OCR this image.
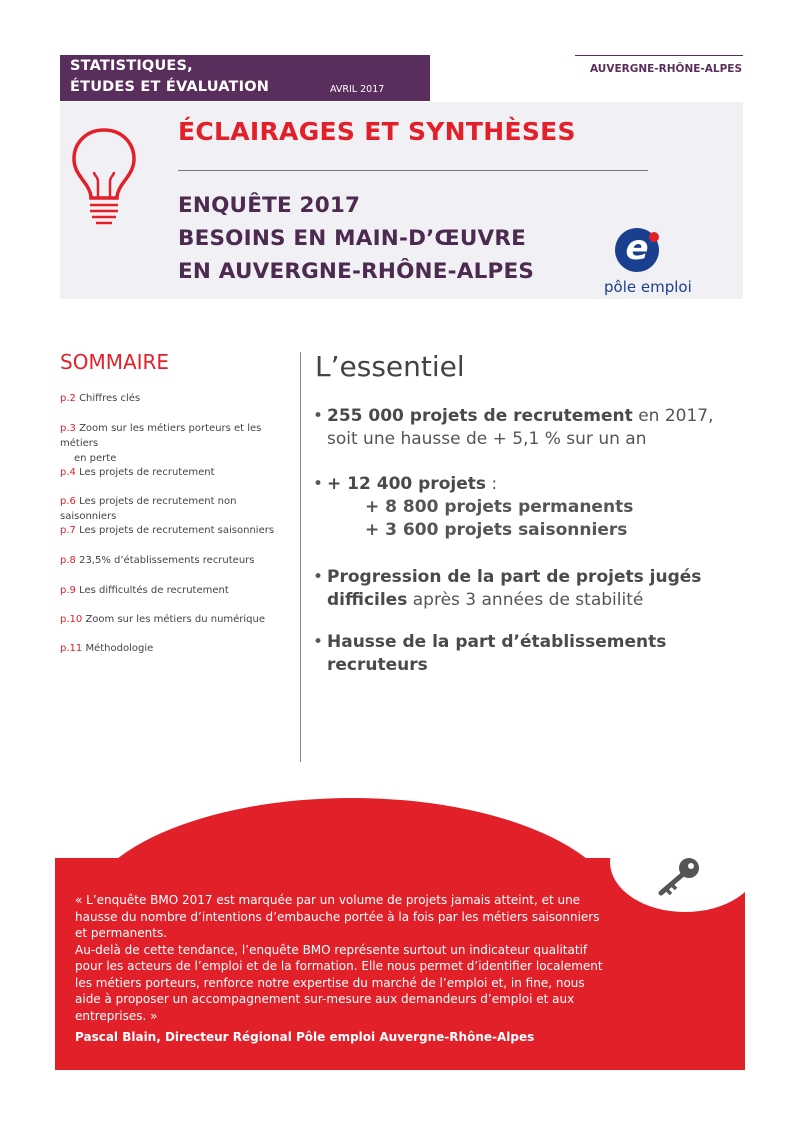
STATISTIQUES,
ÉTUDES ET ÉVALUATION	AVRIL 2017
AUVERGNE-RHÔNE-ALPES
ÉCLAIRAGES ET SYNTHÈSES
ENQUÊTE 2017
BESOINS EN MAIN-D’ŒUVRE
EN AUVERGNE-RHÔNE-ALPES
e
pôle emploi
SOMMAIRE
p.2 Chiffres clés
p.3 Zoom sur les métiers porteurs et les métiers
en perte
p.4 Les projets de recrutement
p.6 Les projets de recrutement non saisonniers
p.7 Les projets de recrutement saisonniers
p.8 23,5% d’établissements recruteurs
p.9 Les difficultés de recrutement
p.10 Zoom sur les métiers du numérique
p.11 Méthodologie
L’essentiel
• 255 000 projets de recrutement en 2017,
soit une hausse de + 5,1 % sur un an
• + 12 400 projets :
+ 8 800 projets permanents
+ 3 600 projets saisonniers
• Progression de la part de projets jugés
difficiles après 3 années de stabilité
• Hausse de la part d’établissements
recruteurs
« L’enquête BMO 2017 est marquée par un volume de projets jamais atteint, et une hausse du nombre d’intentions d’embauche portée à la fois par les métiers saisonniers et permanents.
Au-delà de cette tendance, l’enquête BMO représente surtout un indicateur qualitatif pour les acteurs de l’emploi et de la formation. Elle nous permet d’identifier localement les métiers porteurs, renforce notre expertise du marché de l’emploi et, in fine, nous aide à proposer un accompagnement sur-mesure aux demandeurs d’emploi et aux entreprises. »
Pascal Blain, Directeur Régional Pôle emploi Auvergne-Rhône-Alpes
